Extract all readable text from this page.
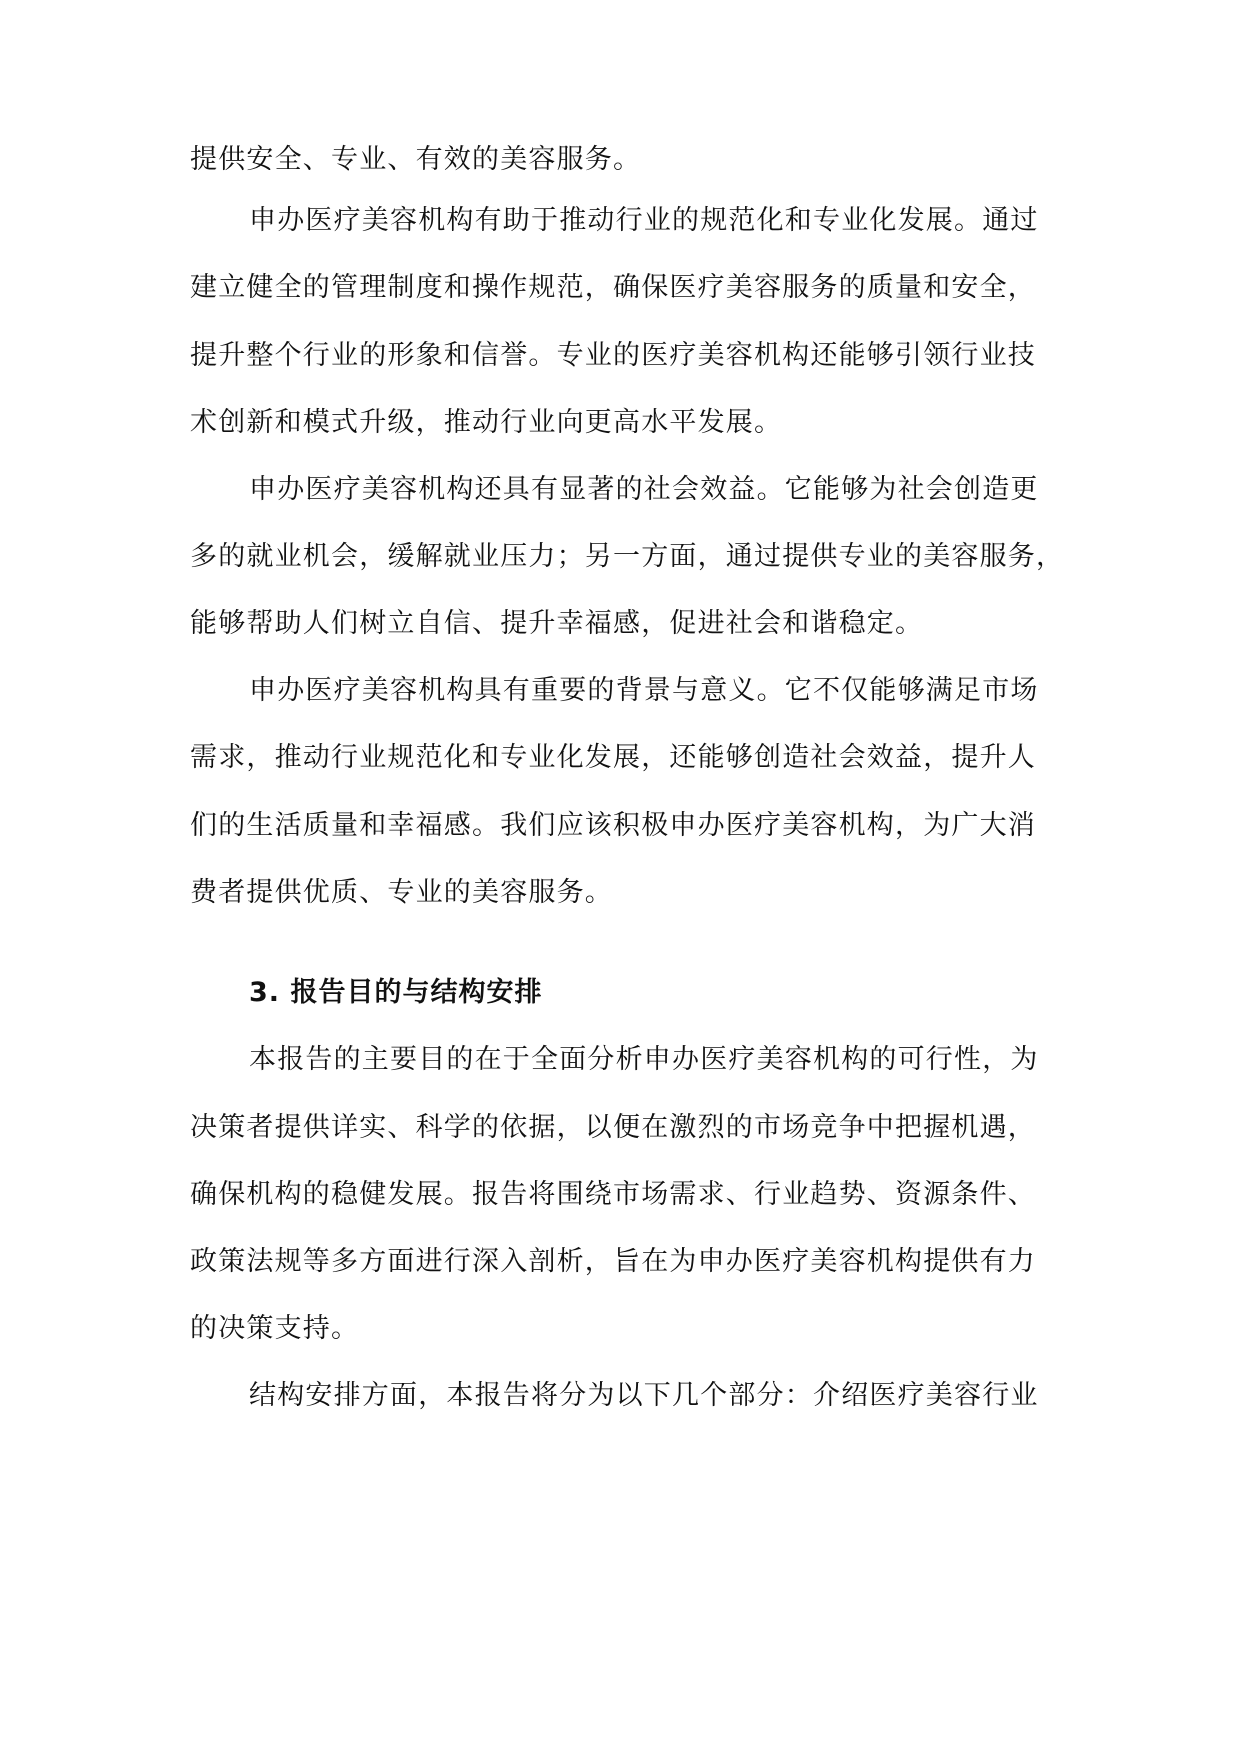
提供安全、专业、有效的美容服务。
申办医疗美容机构有助于推动行业的规范化和专业化发展。通过
建立健全的管理制度和操作规范，确保医疗美容服务的质量和安全，
提升整个行业的形象和信誉。专业的医疗美容机构还能够引领行业技
术创新和模式升级，推动行业向更高水平发展。
申办医疗美容机构还具有显著的社会效益。它能够为社会创造更
多的就业机会，缓解就业压力；另一方面，通过提供专业的美容服务，
能够帮助人们树立自信、提升幸福感，促进社会和谐稳定。
申办医疗美容机构具有重要的背景与意义。它不仅能够满足市场
需求，推动行业规范化和专业化发展，还能够创造社会效益，提升人
们的生活质量和幸福感。我们应该积极申办医疗美容机构，为广大消
费者提供优质、专业的美容服务。
3. 报告目的与结构安排
本报告的主要目的在于全面分析申办医疗美容机构的可行性，为
决策者提供详实、科学的依据，以便在激烈的市场竞争中把握机遇，
确保机构的稳健发展。报告将围绕市场需求、行业趋势、资源条件、
政策法规等多方面进行深入剖析，旨在为申办医疗美容机构提供有力
的决策支持。
结构安排方面，本报告将分为以下几个部分：介绍医疗美容行业
